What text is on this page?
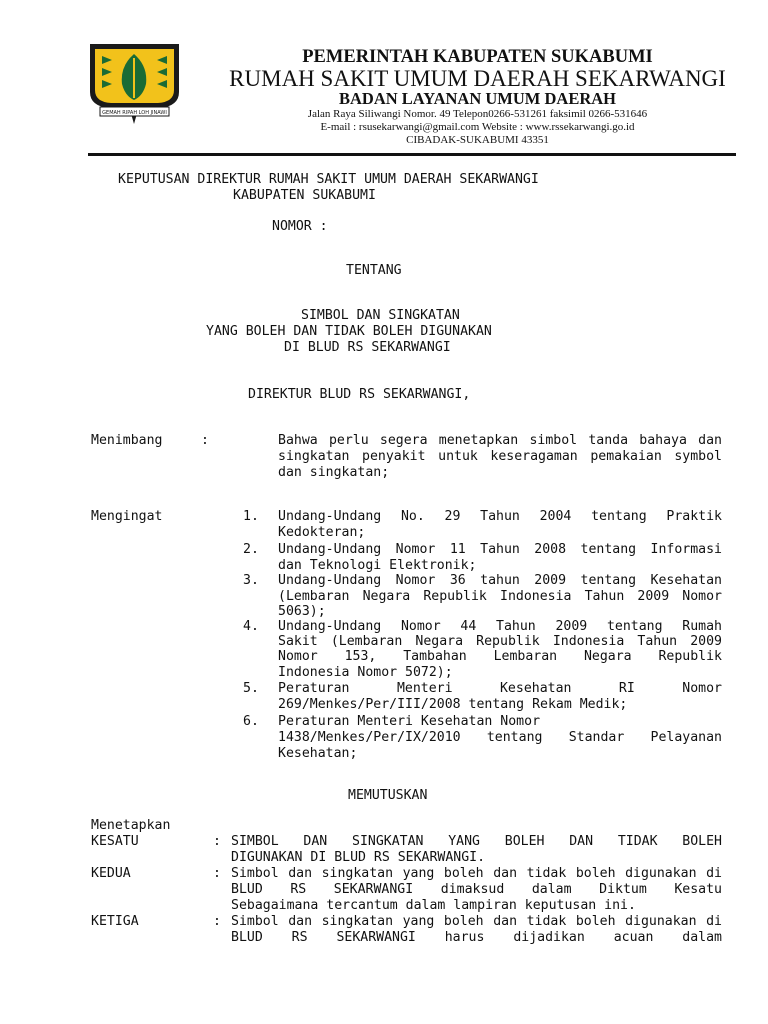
GEMAH RIPAH LOH JINAWI
PEMERINTAH KABUPATEN SUKABUMI
RUMAH SAKIT UMUM DAERAH SEKARWANGI
BADAN LAYANAN UMUM DAERAH
Jalan Raya Siliwangi Nomor. 49 Telepon0266-531261 faksimil 0266-531646
E-mail : rsusekarwangi@gmail.com Website : www.rssekarwangi.go.id
CIBADAK-SUKABUMI 43351
KEPUTUSAN DIREKTUR RUMAH SAKIT UMUM DAERAH SEKARWANGI
KABUPATEN SUKABUMI
NOMOR :
TENTANG
SIMBOL DAN SINGKATAN
YANG BOLEH DAN TIDAK BOLEH DIGUNAKAN
DI BLUD RS SEKARWANGI
DIREKTUR BLUD RS SEKARWANGI,
Menimbang	:	Bahwa perlu segera menetapkan simbol tanda bahaya dan
singkatan penyakit untuk keseragaman pemakaian symbol
dan singkatan;
Mengingat	1. Undang-Undang No. 29 Tahun 2004 tentang Praktik
Kedokteran;
2. Undang-Undang Nomor 11 Tahun 2008 tentang Informasi
dan Teknologi Elektronik;
3. Undang-Undang Nomor 36 tahun 2009 tentang Kesehatan
(Lembaran Negara Republik Indonesia Tahun 2009 Nomor
5063);
4. Undang-Undang Nomor 44 Tahun 2009 tentang Rumah
Sakit (Lembaran Negara Republik Indonesia Tahun 2009
Nomor 153, Tambahan Lembaran Negara Republik
Indonesia Nomor 5072);
5. Peraturan Menteri Kesehatan RI Nomor
269/Menkes/Per/III/2008 tentang Rekam Medik;
6. Peraturan Menteri Kesehatan Nomor
1438/Menkes/Per/IX/2010 tentang Standar Pelayanan
Kesehatan;
MEMUTUSKAN
Menetapkan
KESATU	: SIMBOL DAN SINGKATAN YANG BOLEH DAN TIDAK BOLEH
DIGUNAKAN DI BLUD RS SEKARWANGI.
KEDUA	: Simbol dan singkatan yang boleh dan tidak boleh digunakan di
BLUD RS SEKARWANGI dimaksud dalam Diktum Kesatu
Sebagaimana tercantum dalam lampiran keputusan ini.
KETIGA	: Simbol dan singkatan yang boleh dan tidak boleh digunakan di
BLUD RS SEKARWANGI harus dijadikan acuan dalam
